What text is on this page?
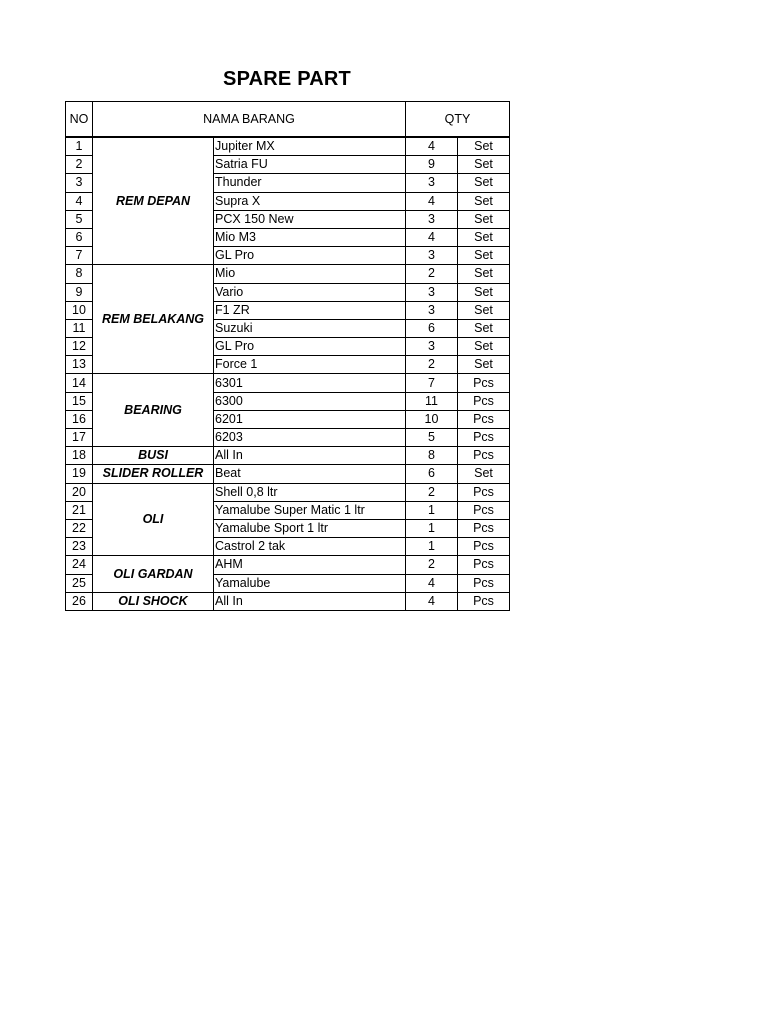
SPARE PART
NO	NAMA BARANG		QTY	
1	REM DEPAN	Jupiter MX	4	Set
2		Satria FU	9	Set
3		Thunder	3	Set
4		Supra X	4	Set
5		PCX 150 New	3	Set
6		Mio M3	4	Set
7		GL Pro	3	Set
8	REM BELAKANG	Mio	2	Set
9		Vario	3	Set
10		F1 ZR	3	Set
11		Suzuki	6	Set
12		GL Pro	3	Set
13		Force 1	2	Set
14	BEARING	6301	7	Pcs
15		6300	11	Pcs
16		6201	10	Pcs
17		6203	5	Pcs
18	BUSI	All In	8	Pcs
19	SLIDER ROLLER	Beat	6	Set
20	OLI	Shell 0,8 ltr	2	Pcs
21		Yamalube Super Matic 1 ltr	1	Pcs
22		Yamalube Sport 1 ltr	1	Pcs
23		Castrol 2 tak	1	Pcs
24	OLI GARDAN	AHM	2	Pcs
25		Yamalube	4	Pcs
26	OLI SHOCK	All In	4	Pcs
